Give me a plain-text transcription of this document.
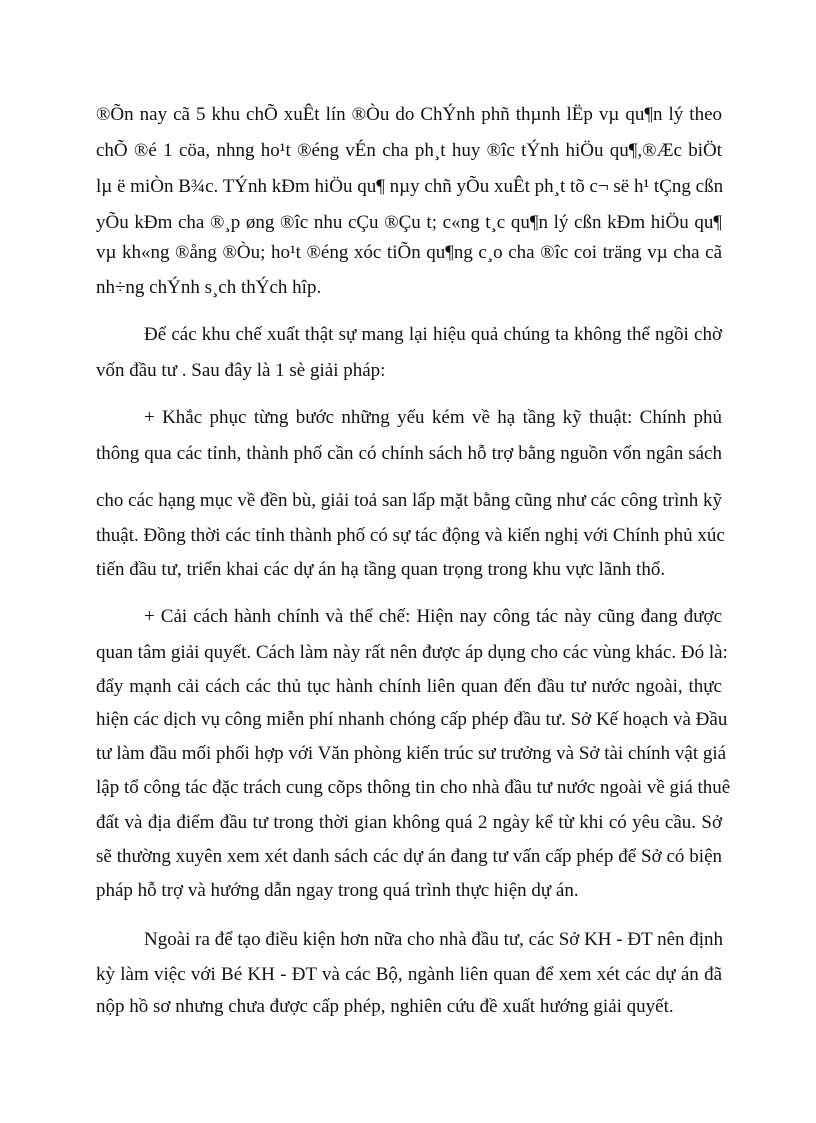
®Õn nay cã 5 khu chÕ xuÊt lín ®Òu do ChÝnh phñ thµnh lËp vµ qu¶n lý theo
chÕ ®é 1 cöa, nhng ho¹t ®éng vÉn cha ph¸t huy ®îc tÝnh hiÖu qu¶,®Æc biÖt
lµ ë miÒn B¾c. TÝnh kÐm hiÖu qu¶ nµy chñ yÕu xuÊt ph¸t tõ c¬ së h¹ tÇng cßn
yÕu kÐm cha ®¸p øng ®îc nhu cÇu ®Çu t; c«ng t¸c qu¶n lý cßn kÐm hiÖu qu¶
vµ kh«ng ®ång ®Òu; ho¹t ®éng xóc tiÕn qu¶ng c¸o cha ®îc coi träng vµ cha cã
nh÷ng chÝnh s¸ch thÝch hîp.
Để các khu chế xuất thật sự mang lại hiệu quả chúng ta không thể ngồi chờ
vốn đầu tư . Sau đây là 1 sè giải pháp:
+ Khắc phục từng bước những yếu kém về hạ tầng kỹ thuật: Chính phủ
thông qua các tỉnh, thành phố cần có chính sách hỗ trợ bằng nguồn vốn ngân sách
cho các hạng mục về đền bù, giải toả san lấp mặt bằng cũng như các công trình kỹ
thuật. Đồng thời các tỉnh thành phố có sự tác động và kiến nghị với Chính phủ xúc
tiến đầu tư, triển khai các dự án hạ tầng quan trọng trong khu vực lãnh thổ.
+ Cải cách hành chính và thể chế: Hiện nay công tác này cũng đang được
quan tâm giải quyết. Cách làm này rất nên được áp dụng cho các vùng khác. Đó là:
đẩy mạnh cải cách các thủ tục hành chính liên quan đến đầu tư nước ngoài, thực
hiện các dịch vụ công miễn phí nhanh chóng cấp phép đầu tư. Sở Kế hoạch và Đầu
tư làm đầu mối phối hợp với Văn phòng kiến trúc sư trưởng và Sở tài chính vật giá
lập tổ công tác đặc trách cung cõps thông tin cho nhà đầu tư nước ngoài về giá thuê
đất và địa điểm đầu tư trong thời gian không quá 2 ngày kể từ khi có yêu cầu. Sở
sẽ thường xuyên xem xét danh sách các dự án đang tư vấn cấp phép để Sở có biện
pháp hỗ trợ và hướng dẫn ngay trong quá trình thực hiện dự án.
Ngoài ra để tạo điều kiện hơn nữa cho nhà đầu tư, các Sở KH - ĐT nên định
kỳ làm việc với Bé KH - ĐT và các Bộ, ngành liên quan để xem xét các dự án đã
nộp hồ sơ nhưng chưa được cấp phép, nghiên cứu đề xuất hướng giải quyết.
